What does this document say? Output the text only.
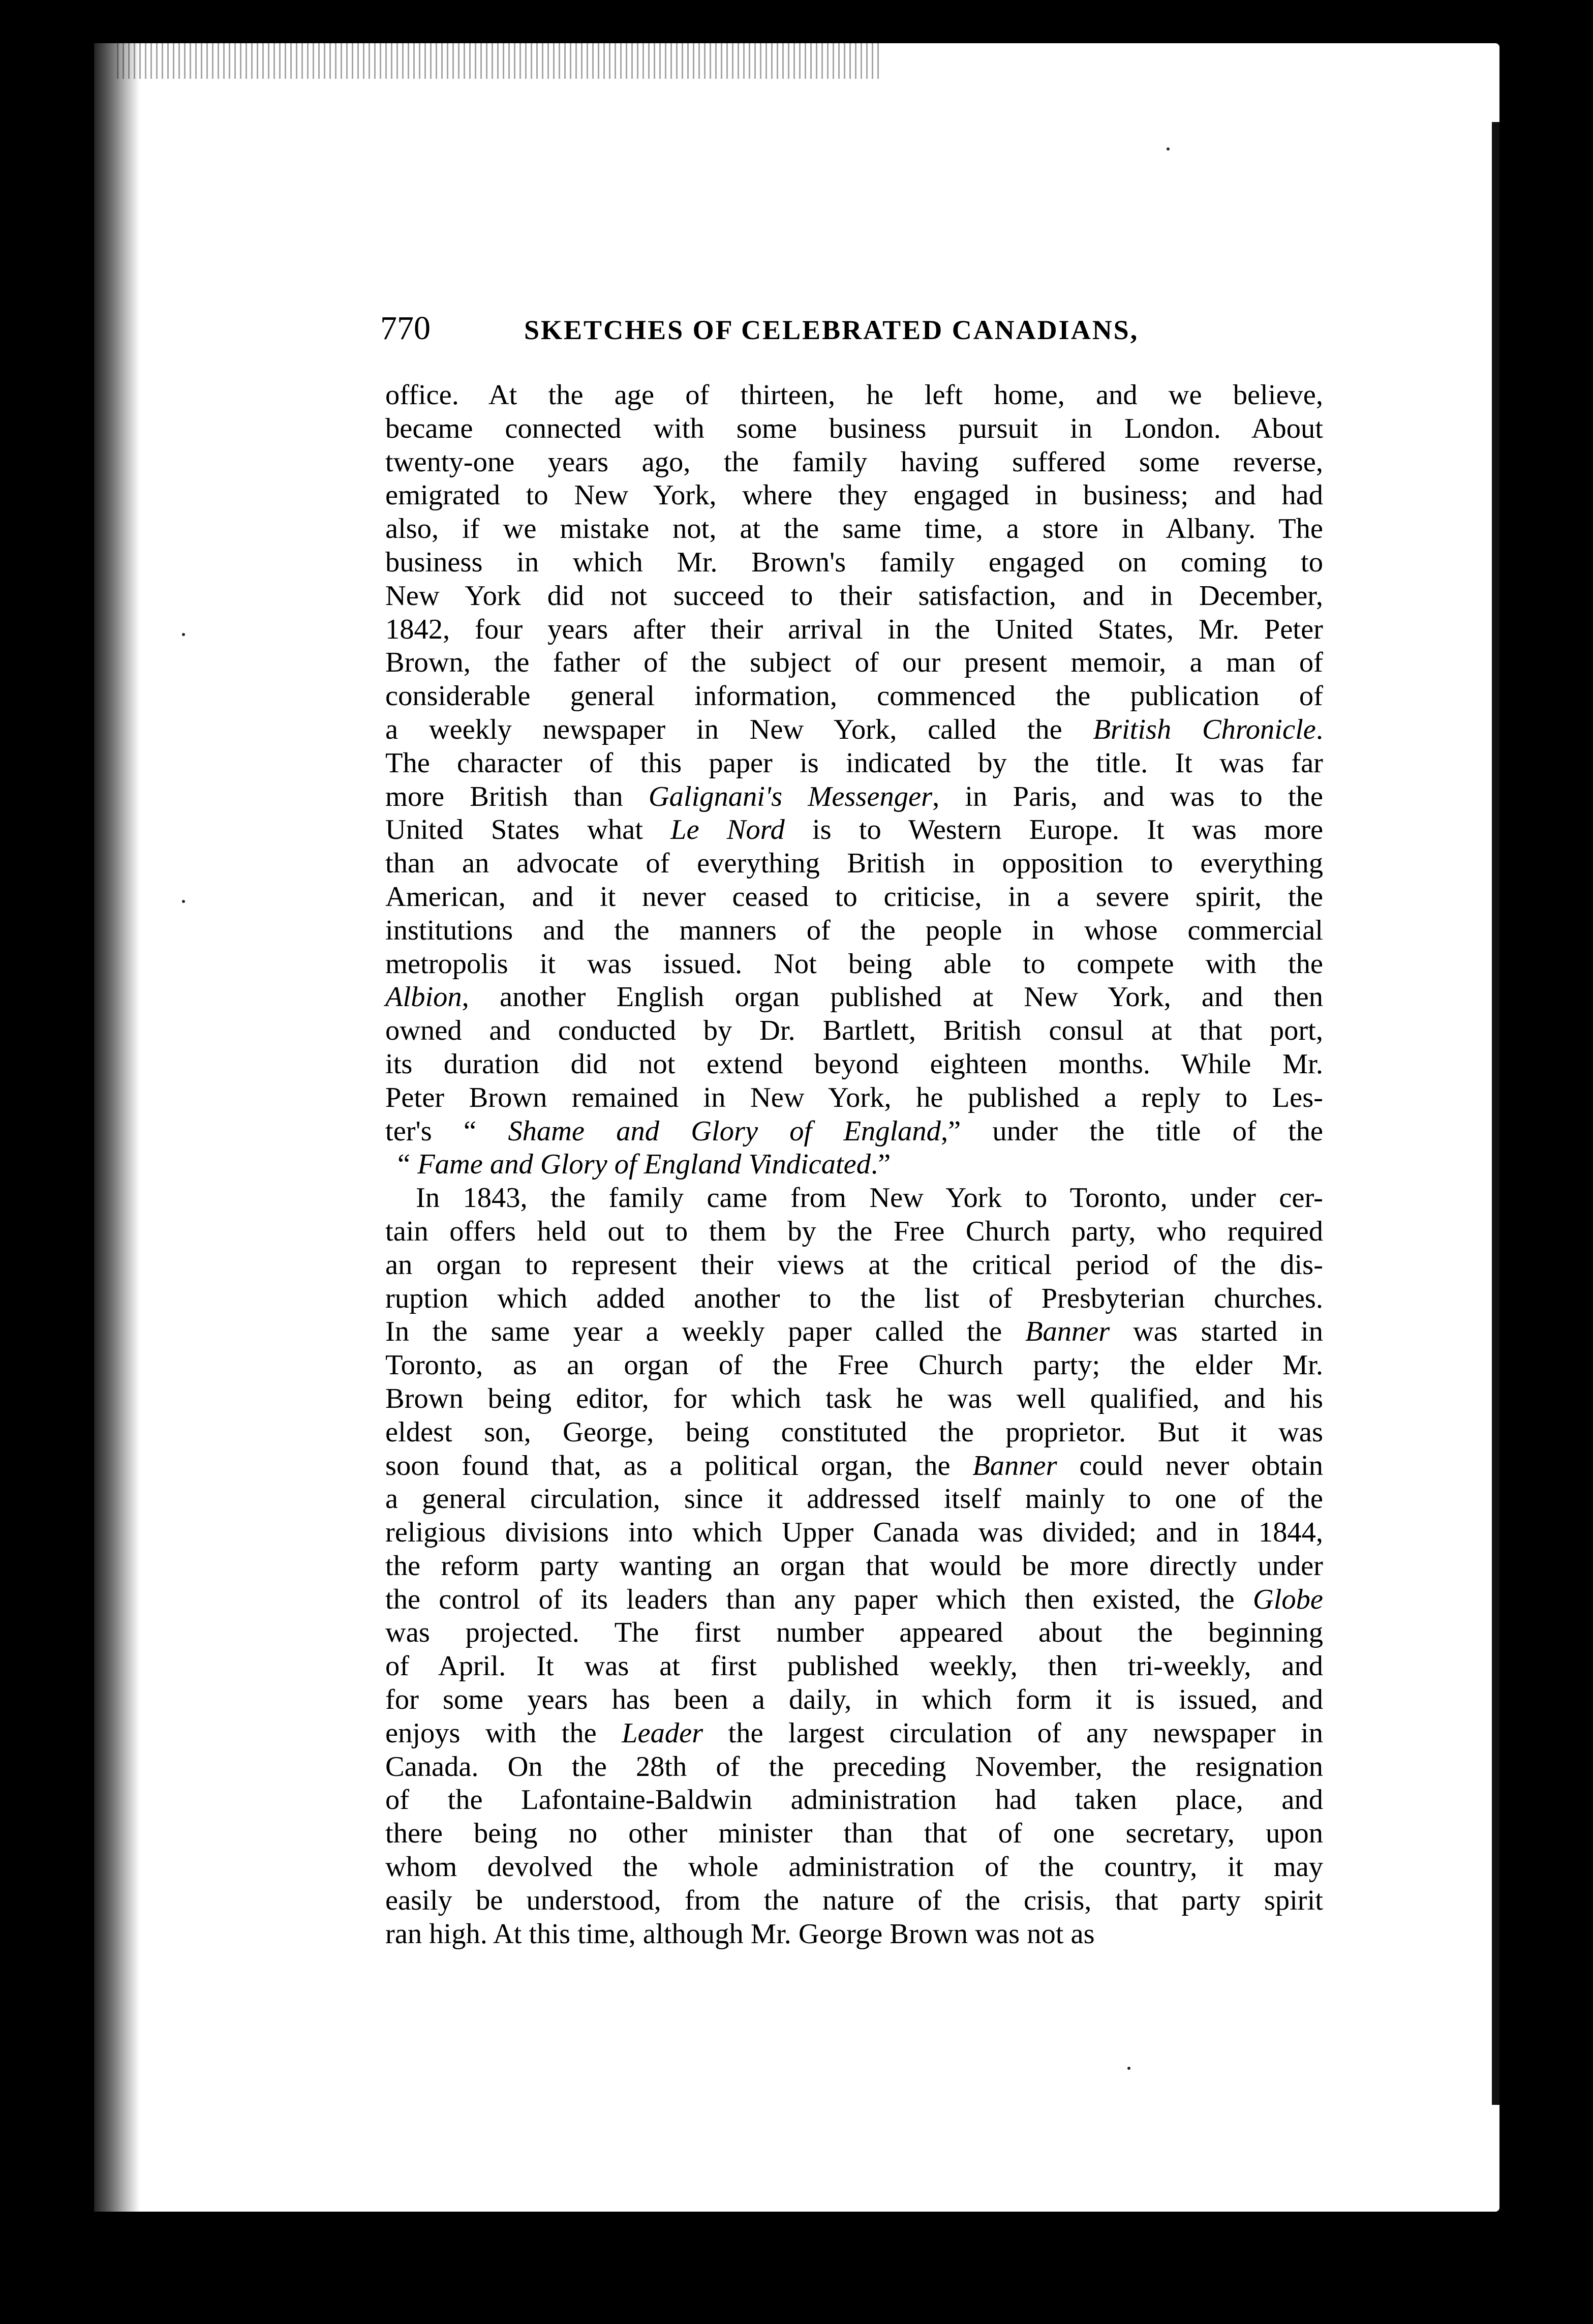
770	SKETCHES OF CELEBRATED CANADIANS,
office. At the age of thirteen, he left home, and we believe,
became connected with some business pursuit in London. About
twenty-one years ago, the family having suffered some reverse,
emigrated to New York, where they engaged in business; and had
also, if we mistake not, at the same time, a store in Albany. The
business in which Mr. Brown's family engaged on coming to
New York did not succeed to their satisfaction, and in December,
1842, four years after their arrival in the United States, Mr. Peter
Brown, the father of the subject of our present memoir, a man of
considerable general information, commenced the publication of
a weekly newspaper in New York, called the British Chronicle.
The character of this paper is indicated by the title. It was far
more British than Galignani's Messenger, in Paris, and was to the
United States what Le Nord is to Western Europe. It was more
than an advocate of everything British in opposition to everything
American, and it never ceased to criticise, in a severe spirit, the
institutions and the manners of the people in whose commercial
metropolis it was issued. Not being able to compete with the
Albion, another English organ published at New York, and then
owned and conducted by Dr. Bartlett, British consul at that port,
its duration did not extend beyond eighteen months. While Mr.
Peter Brown remained in New York, he published a reply to Les-
ter's “ Shame and Glory of England,” under the title of the
“ Fame and Glory of England Vindicated.”
In 1843, the family came from New York to Toronto, under cer-
tain offers held out to them by the Free Church party, who required
an organ to represent their views at the critical period of the dis-
ruption which added another to the list of Presbyterian churches.
In the same year a weekly paper called the Banner was started in
Toronto, as an organ of the Free Church party; the elder Mr.
Brown being editor, for which task he was well qualified, and his
eldest son, George, being constituted the proprietor. But it was
soon found that, as a political organ, the Banner could never obtain
a general circulation, since it addressed itself mainly to one of the
religious divisions into which Upper Canada was divided; and in 1844,
the reform party wanting an organ that would be more directly under
the control of its leaders than any paper which then existed, the Globe
was projected. The first number appeared about the beginning
of April. It was at first published weekly, then tri-weekly, and
for some years has been a daily, in which form it is issued, and
enjoys with the Leader the largest circulation of any newspaper in
Canada. On the 28th of the preceding November, the resignation
of the Lafontaine-Baldwin administration had taken place, and
there being no other minister than that of one secretary, upon
whom devolved the whole administration of the country, it may
easily be understood, from the nature of the crisis, that party spirit
ran high. At this time, although Mr. George Brown was not as
